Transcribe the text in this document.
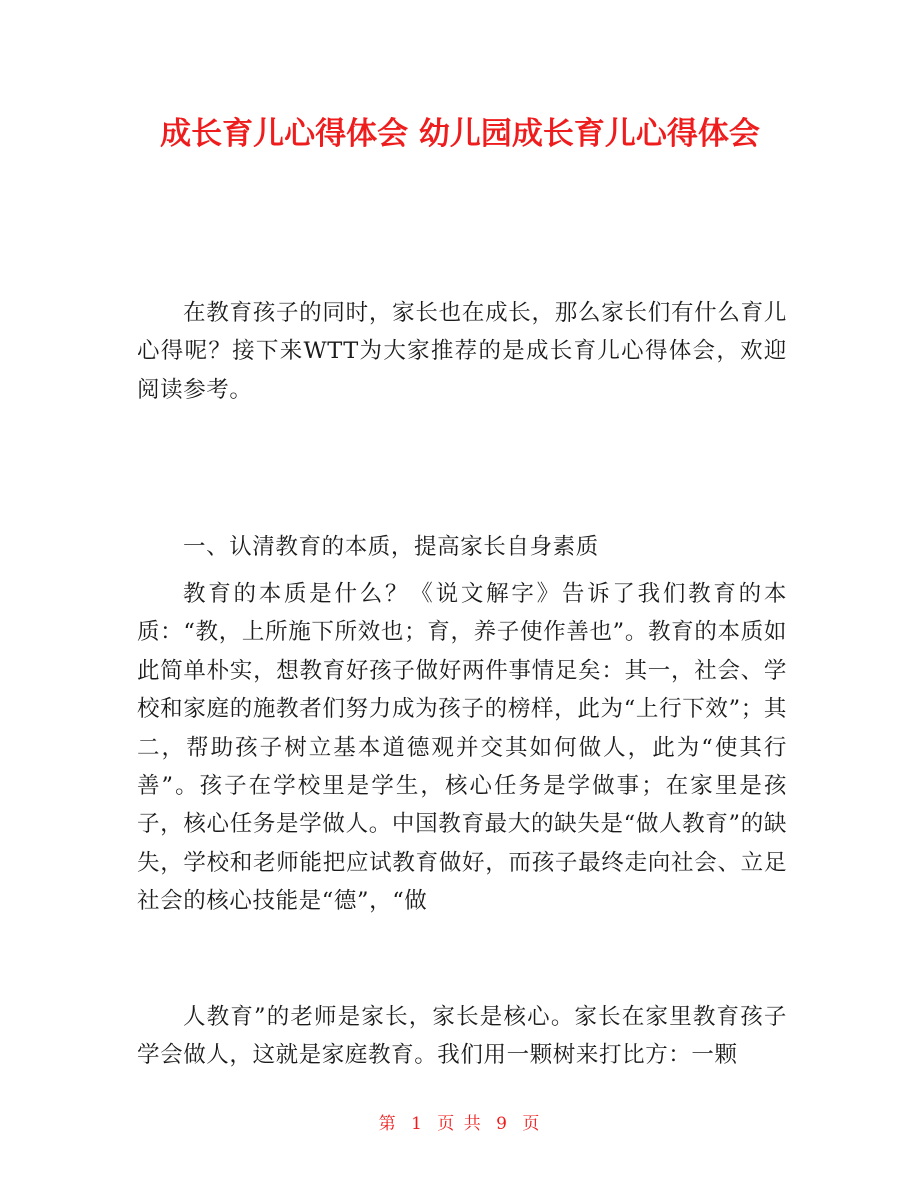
成长育儿心得体会 幼儿园成长育儿心得体会

在教育孩子的同时，家长也在成长，那么家长们有什么育儿心得呢？接下来WTT为大家推荐的是成长育儿心得体会，欢迎阅读参考。

一、认清教育的本质，提高家长自身素质

教育的本质是什么？《说文解字》告诉了我们教育的本质：“教，上所施下所效也；育，养子使作善也”。教育的本质如此简单朴实，想教育好孩子做好两件事情足矣：其一，社会、学校和家庭的施教者们努力成为孩子的榜样，此为“上行下效”；其二，帮助孩子树立基本道德观并交其如何做人，此为“使其行善”。孩子在学校里是学生，核心任务是学做事；在家里是孩子，核心任务是学做人。中国教育最大的缺失是“做人教育”的缺失，学校和老师能把应试教育做好，而孩子最终走向社会、立足社会的核心技能是“德”，“做

人教育”的老师是家长，家长是核心。家长在家里教育孩子学会做人，这就是家庭教育。我们用一颗树来打比方：一颗

第 1 页 共 9 页
